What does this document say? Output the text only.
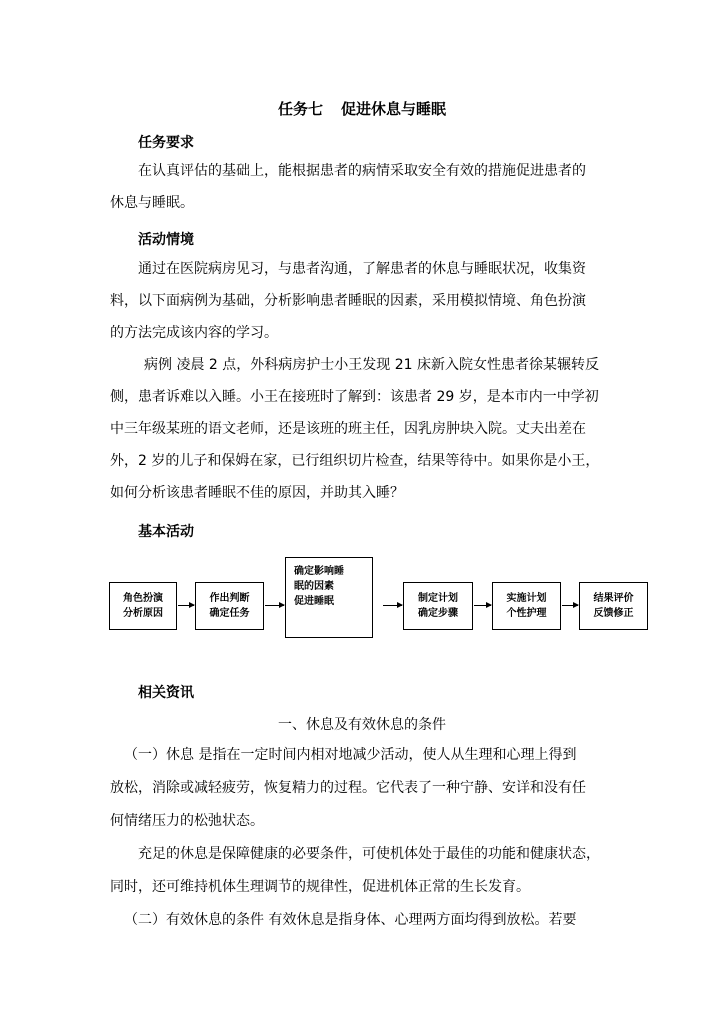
任务七 促进休息与睡眠
任务要求
在认真评估的基础上，能根据患者的病情采取安全有效的措施促进患者的
休息与睡眠。
活动情境
通过在医院病房见习，与患者沟通，了解患者的休息与睡眠状况，收集资
料，以下面病例为基础，分析影响患者睡眠的因素，采用模拟情境、角色扮演
的方法完成该内容的学习。
病例 凌晨 2 点，外科病房护士小王发现 21 床新入院女性患者徐某辗转反
侧，患者诉难以入睡。小王在接班时了解到：该患者 29 岁，是本市内一中学初
中三年级某班的语文老师，还是该班的班主任，因乳房肿块入院。丈夫出差在
外，2 岁的儿子和保姆在家，已行组织切片检查，结果等待中。如果你是小王，
如何分析该患者睡眠不佳的原因，并助其入睡？
基本活动
角色扮演
分析原因
作出判断
确定任务
确定影响睡
眠的因素
促进睡眠	制定计划
确定步骤
实施计划
个性护理
结果评价
反馈修正
相关资讯
一、休息及有效休息的条件
（一）休息 是指在一定时间内相对地减少活动，使人从生理和心理上得到
放松，消除或减轻疲劳，恢复精力的过程。它代表了一种宁静、安详和没有任
何情绪压力的松弛状态。
充足的休息是保障健康的必要条件，可使机体处于最佳的功能和健康状态，
同时，还可维持机体生理调节的规律性，促进机体正常的生长发育。
（二）有效休息的条件 有效休息是指身体、心理两方面均得到放松。若要
